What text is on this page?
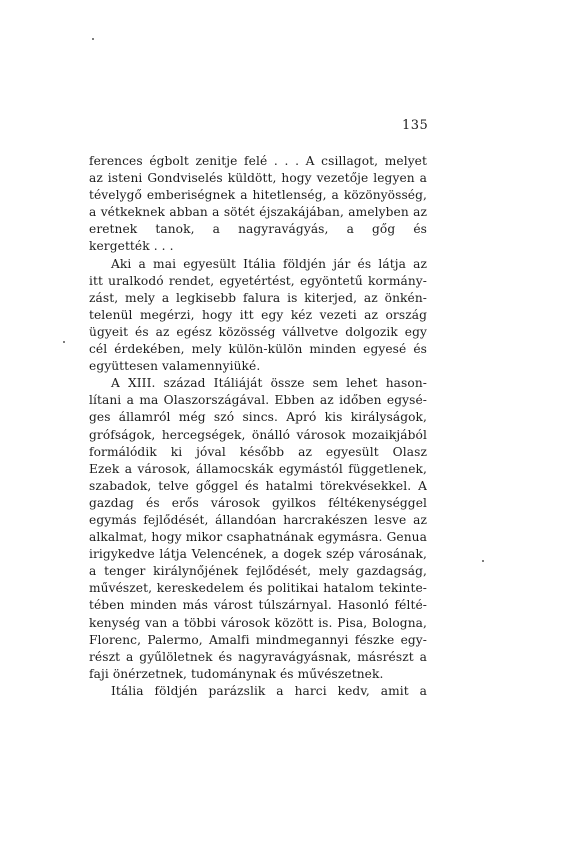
135
ferences égbolt zenitje felé . . . A csillagot, melyet
az isteni Gondviselés küldött, hogy vezetője legyen a
tévelygő emberiségnek a hitetlenség, a közönyösség,
a vétkeknek abban a sötét éjszakájában, amelyben az
eretnek tanok, a nagyravágyás, a gőg és
kergették . . .
Aki a mai egyesült Itália földjén jár és látja az
itt uralkodó rendet, egyetértést, egyöntetű kormány-
zást, mely a legkisebb falura is kiterjed, az önkén-
telenül megérzi, hogy itt egy kéz vezeti az ország
ügyeit és az egész közösség vállvetve dolgozik egy
cél érdekében, mely külön-külön minden egyesé és
együttesen valamennyiüké.
A XIII. század Itáliáját össze sem lehet hason-
lítani a ma Olaszországával. Ebben az időben egysé-
ges államról még szó sincs. Apró kis királyságok,
grófságok, hercegségek, önálló városok mozaikjából
formálódik ki jóval később az egyesült Olasz
Ezek a városok, államocskák egymástól függetlenek,
szabadok, telve gőggel és hatalmi törekvésekkel. A
gazdag és erős városok gyilkos féltékenységgel
egymás fejlődését, állandóan harcrakészen lesve az
alkalmat, hogy mikor csaphatnának egymásra. Genua
irigykedve látja Velencének, a dogek szép városának,
a tenger királynőjének fejlődését, mely gazdagság,
művészet, kereskedelem és politikai hatalom tekinte-
tében minden más várost túlszárnyal. Hasonló félté-
kenység van a többi városok között is. Pisa, Bologna,
Florenc, Palermo, Amalfi mindmegannyi fészke egy-
részt a gyűlöletnek és nagyravágyásnak, másrészt a
faji önérzetnek, tudománynak és művészetnek.
Itália földjén parázslik a harci kedv, amit a
